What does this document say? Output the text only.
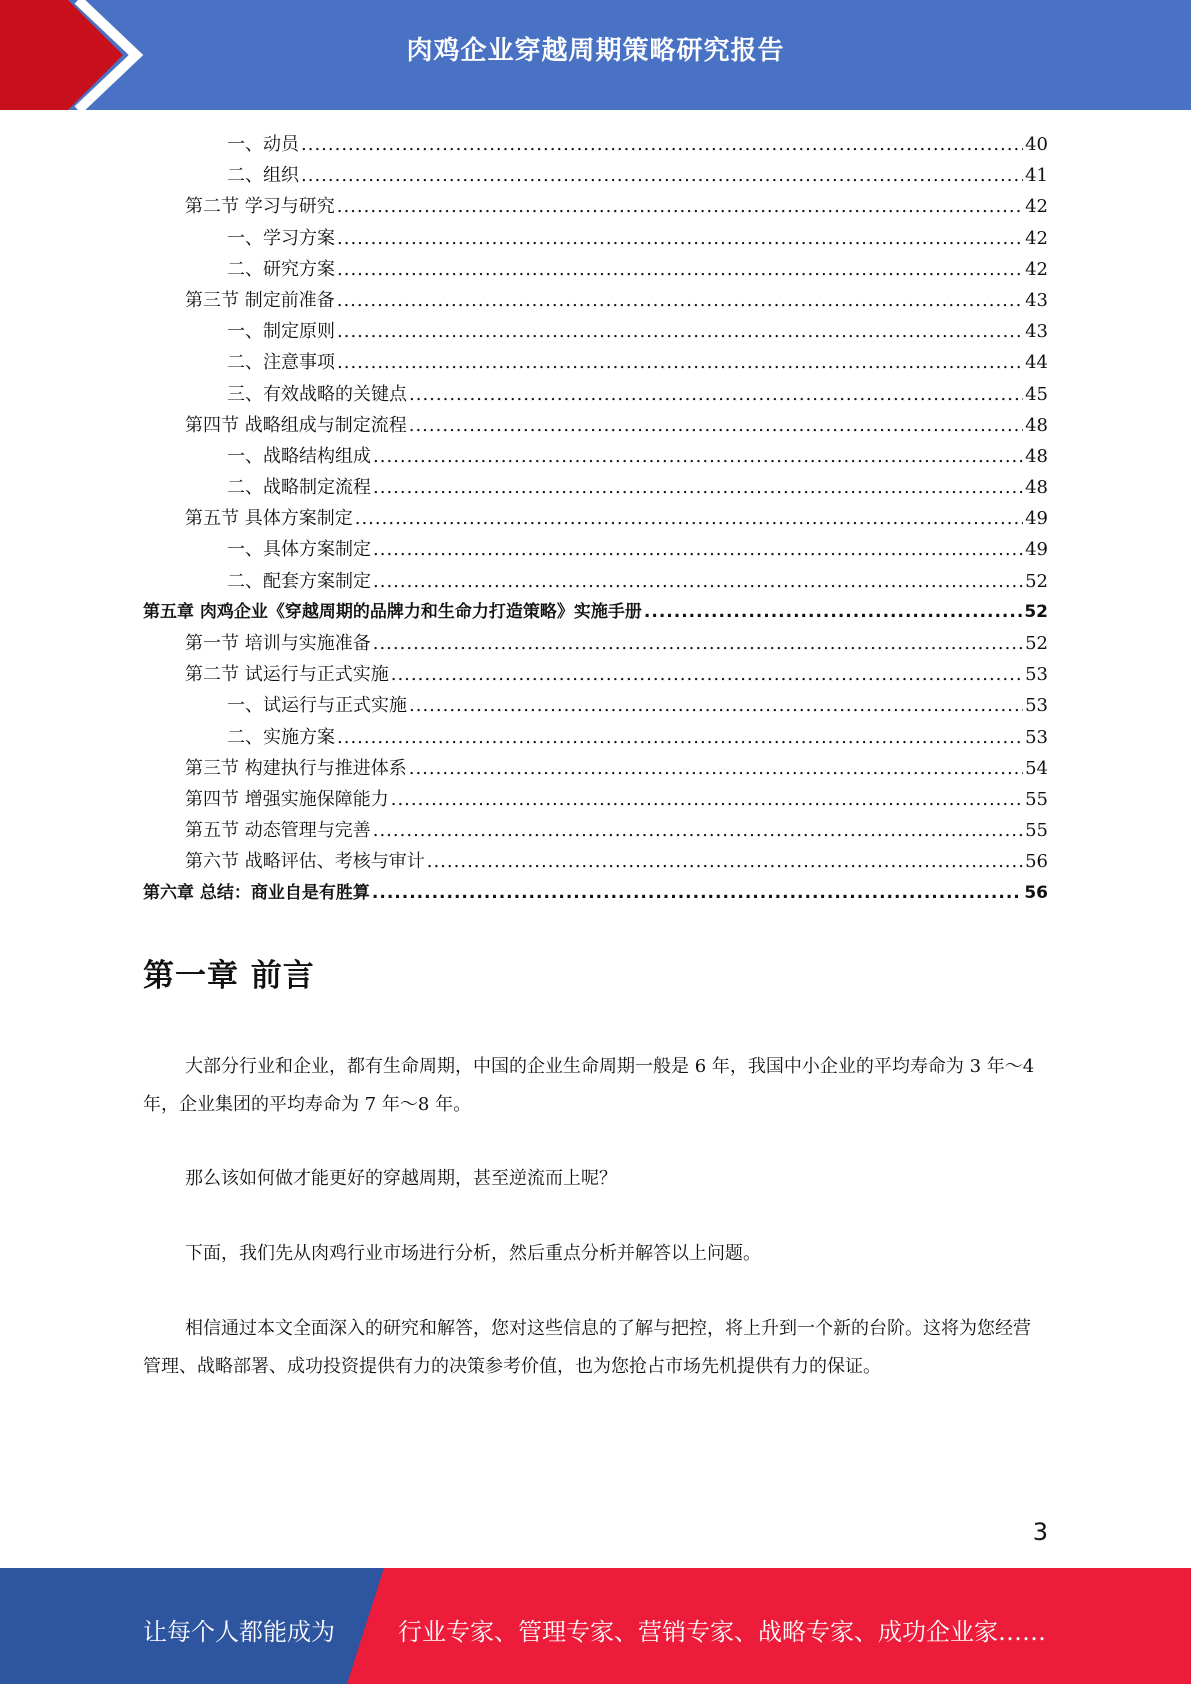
肉鸡企业穿越周期策略研究报告
一、动员 .....	40
二、组织 .....	41
第二节 学习与研究 .....	42
一、学习方案 .....	42
二、研究方案 .....	42
第三节 制定前准备 .....	43
一、制定原则 .....	43
二、注意事项 .....	44
三、有效战略的关键点 .....	45
第四节 战略组成与制定流程 .....	48
一、战略结构组成 .....	48
二、战略制定流程 .....	48
第五节 具体方案制定 .....	49
一、具体方案制定 .....	49
二、配套方案制定 .....	52
第五章 肉鸡企业《穿越周期的品牌力和生命力打造策略》实施手册 .....	52
第一节 培训与实施准备 .....	52
第二节 试运行与正式实施 .....	53
一、试运行与正式实施 .....	53
二、实施方案 .....	53
第三节 构建执行与推进体系 .....	54
第四节 增强实施保障能力 .....	55
第五节 动态管理与完善 .....	55
第六节 战略评估、考核与审计 .....	56
第六章 总结：商业自是有胜算 .....	56
第一章 前言
大部分行业和企业，都有生命周期，中国的企业生命周期一般是 6 年，我国中小企业的平均寿命为 3 年～4 年，企业集团的平均寿命为 7 年～8 年。
那么该如何做才能更好的穿越周期，甚至逆流而上呢？
下面，我们先从肉鸡行业市场进行分析，然后重点分析并解答以上问题。
相信通过本文全面深入的研究和解答，您对这些信息的了解与把控，将上升到一个新的台阶。这将为您经营管理、战略部署、成功投资提供有力的决策参考价值，也为您抢占市场先机提供有力的保证。
3
让每个人都能成为	行业专家、管理专家、营销专家、战略专家、成功企业家……
